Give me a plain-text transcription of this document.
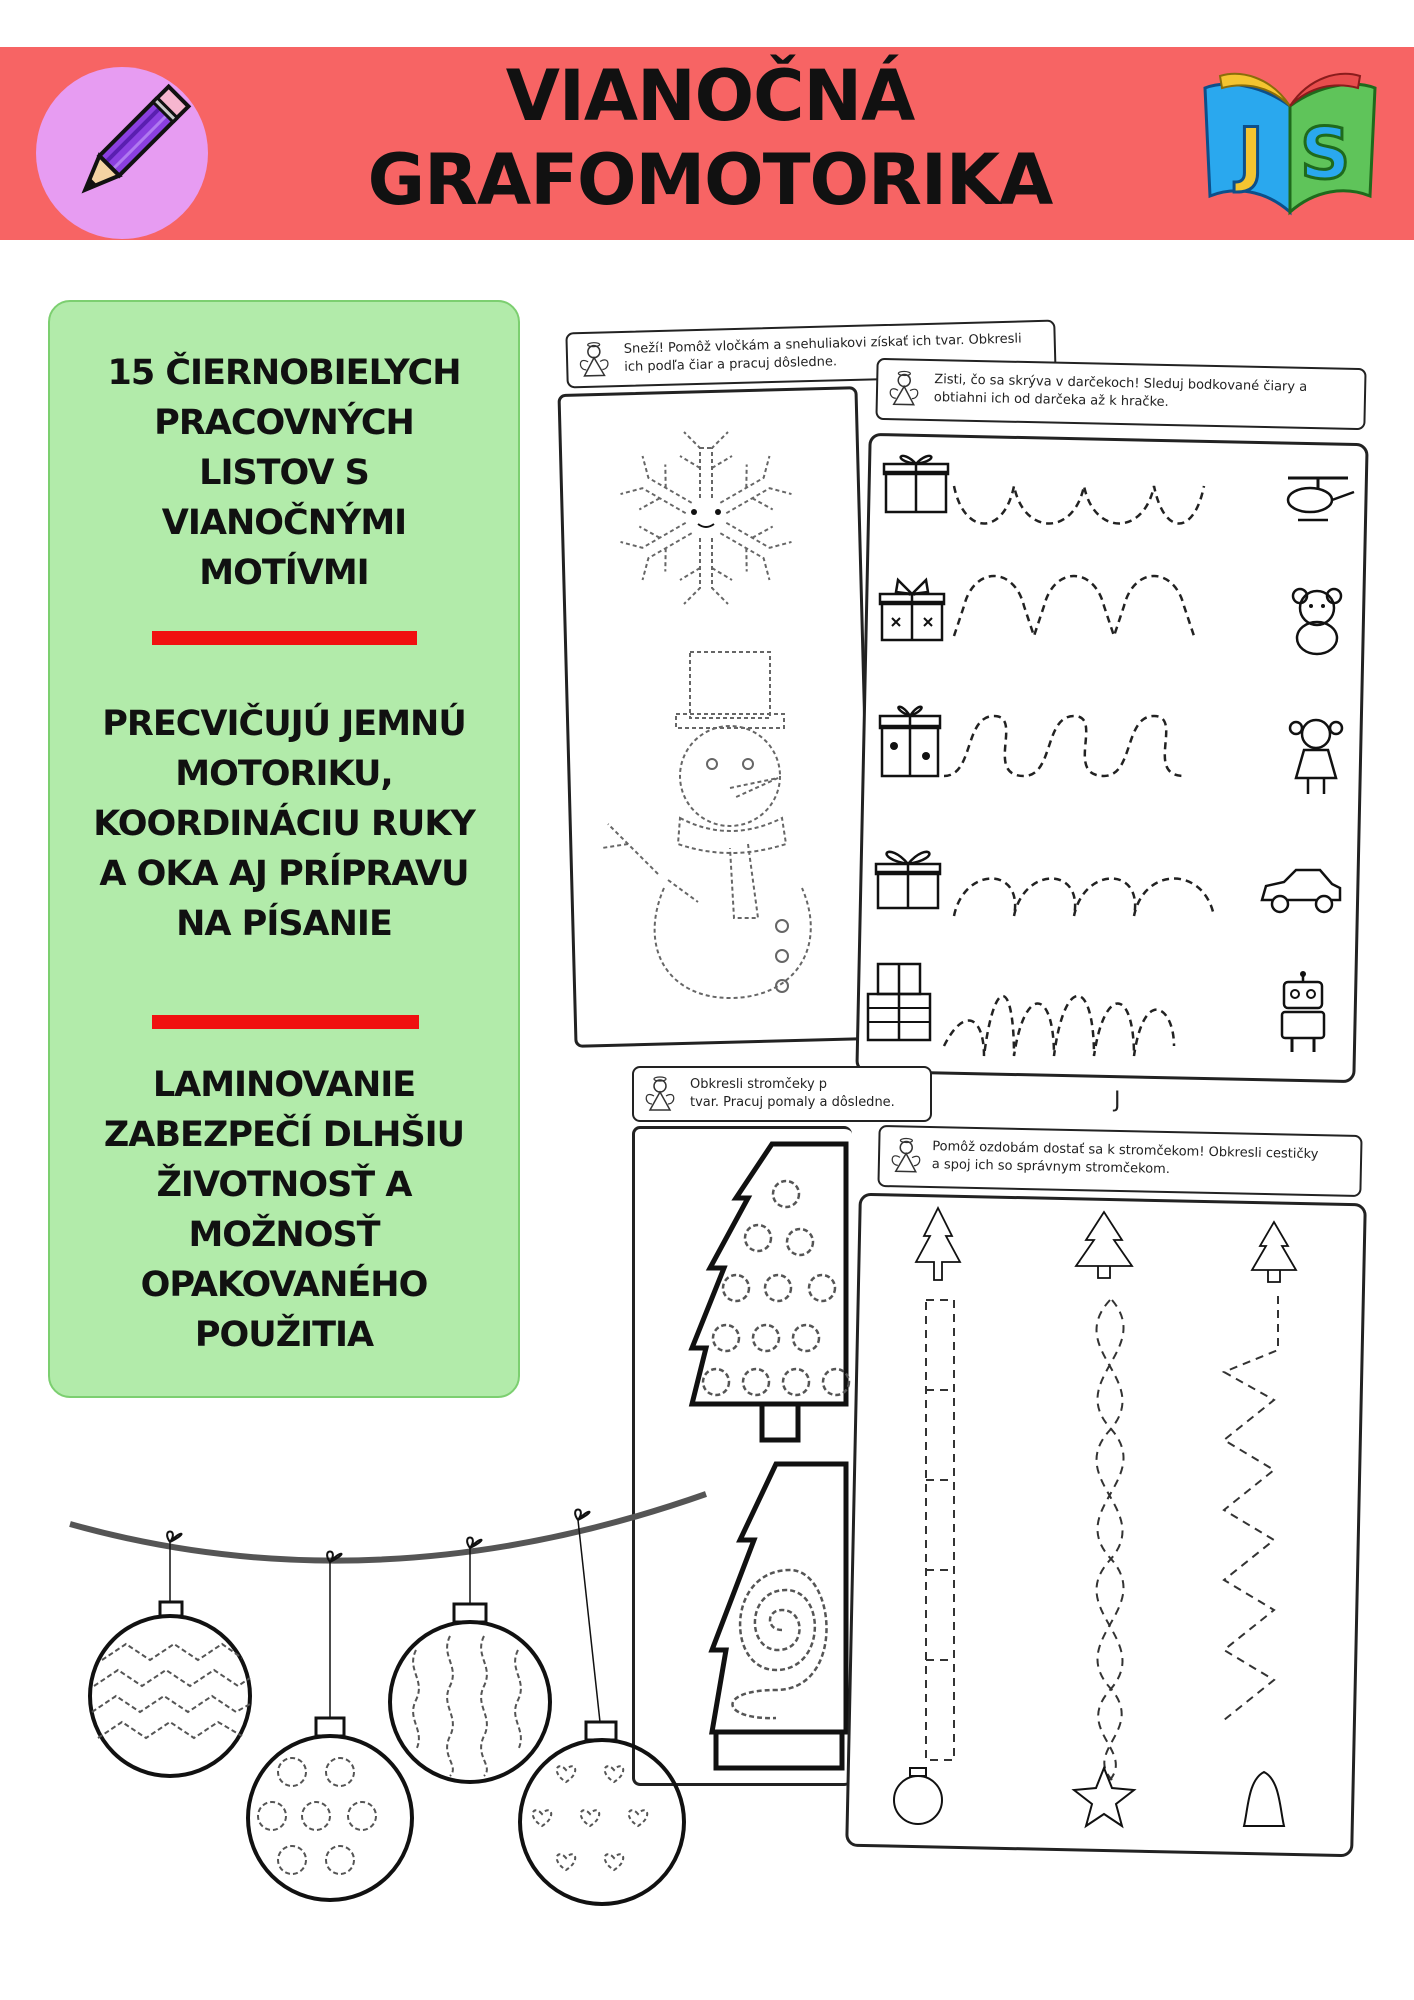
VIANOČNÁ
GRAFOMOTORIKA	J S
15 ČIERNOBIELYCH
PRACOVNÝCH
LISTOV S
VIANOČNÝMI
MOTÍVMI
PRECVIČUJÚ JEMNÚ
MOTORIKU,
KOORDINÁCIU RUKY
A OKA AJ PRÍPRAVU
NA PÍSANIE
LAMINOVANIE
ZABEZPEČÍ DLHŠIU
ŽIVOTNOSŤ A
MOŽNOSŤ
OPAKOVANÉHO
POUŽITIA
Sneží! Pomôž vločkám a snehuliakovi získať ich tvar. Obkresli
ich podľa čiar a pracuj dôsledne.
Zisti, čo sa skrýva v darčekoch! Sleduj bodkované čiary a
obtiahni ich od darčeka až k hračke.
Obkresli stromčeky p
tvar. Pracuj pomaly a dôsledne.	J
Pomôž ozdobám dostať sa k stromčekom! Obkresli cestičky
a spoj ich so správnym stromčekom.
